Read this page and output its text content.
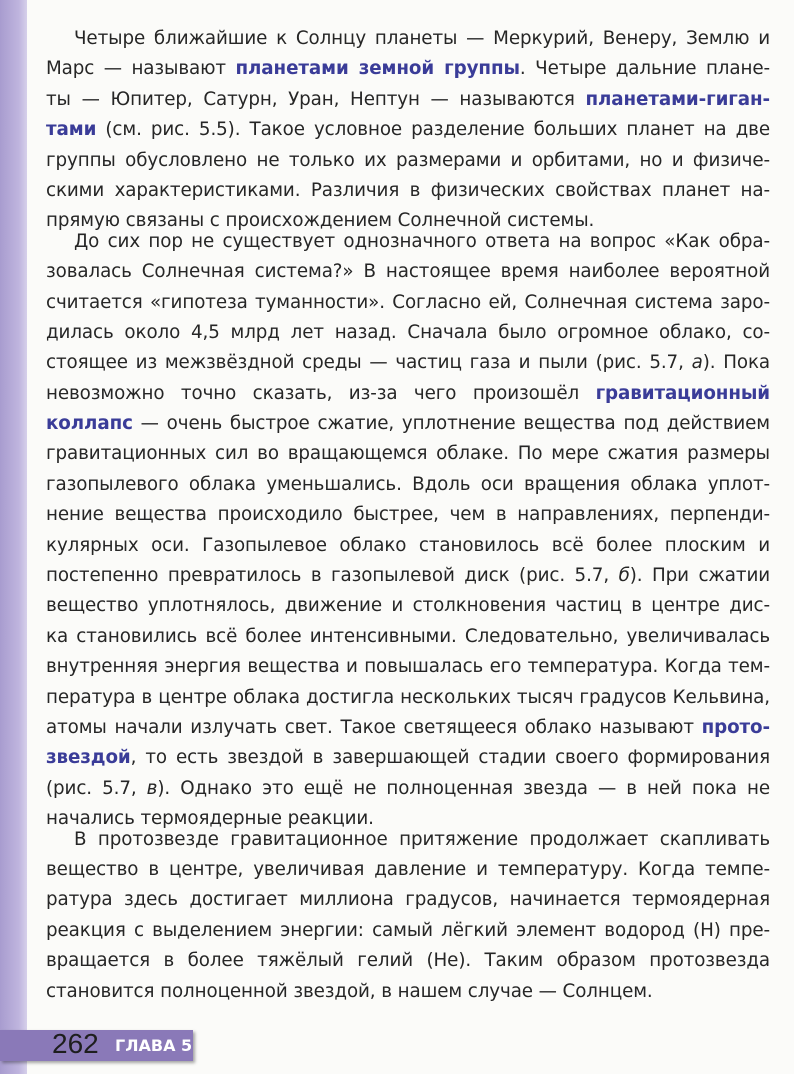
Четыре ближайшие к Солнцу планеты — Меркурий, Венеру, Землю и
Марс — называют планетами земной группы. Четыре дальние плане-
ты — Юпитер, Сатурн, Уран, Нептун — называются планетами-гиган-
тами (см. рис. 5.5). Такое условное разделение больших планет на две
группы обусловлено не только их размерами и орбитами, но и физиче-
скими характеристиками. Различия в физических свойствах планет на-
прямую связаны с происхождением Солнечной системы.
До сих пор не существует однозначного ответа на вопрос «Как обра-
зовалась Солнечная система?» В настоящее время наиболее вероятной
считается «гипотеза туманности». Согласно ей, Солнечная система заро-
дилась около 4,5 млрд лет назад. Сначала было огромное облако, со-
стоящее из межзвёздной среды — частиц газа и пыли (рис. 5.7, а). Пока
невозможно точно сказать, из-за чего произошёл гравитационный
коллапс — очень быстрое сжатие, уплотнение вещества под действием
гравитационных сил во вращающемся облаке. По мере сжатия размеры
газопылевого облака уменьшались. Вдоль оси вращения облака уплот-
нение вещества происходило быстрее, чем в направлениях, перпенди-
кулярных оси. Газопылевое облако становилось всё более плоским и
постепенно превратилось в газопылевой диск (рис. 5.7, б). При сжатии
вещество уплотнялось, движение и столкновения частиц в центре дис-
ка становились всё более интенсивными. Следовательно, увеличивалась
внутренняя энергия вещества и повышалась его температура. Когда тем-
пература в центре облака достигла нескольких тысяч градусов Кельвина,
атомы начали излучать свет. Такое светящееся облако называют прото-
звездой, то есть звездой в завершающей стадии своего формирования
(рис. 5.7, в). Однако это ещё не полноценная звезда — в ней пока не
начались термоядерные реакции.
В протозвезде гравитационное притяжение продолжает скапливать
вещество в центре, увеличивая давление и температуру. Когда темпе-
ратура здесь достигает миллиона градусов, начинается термоядерная
реакция с выделением энергии: самый лёгкий элемент водород (H) пре-
вращается в более тяжёлый гелий (He). Таким образом протозвезда
становится полноценной звездой, в нашем случае — Солнцем.
262 ГЛАВА 5
